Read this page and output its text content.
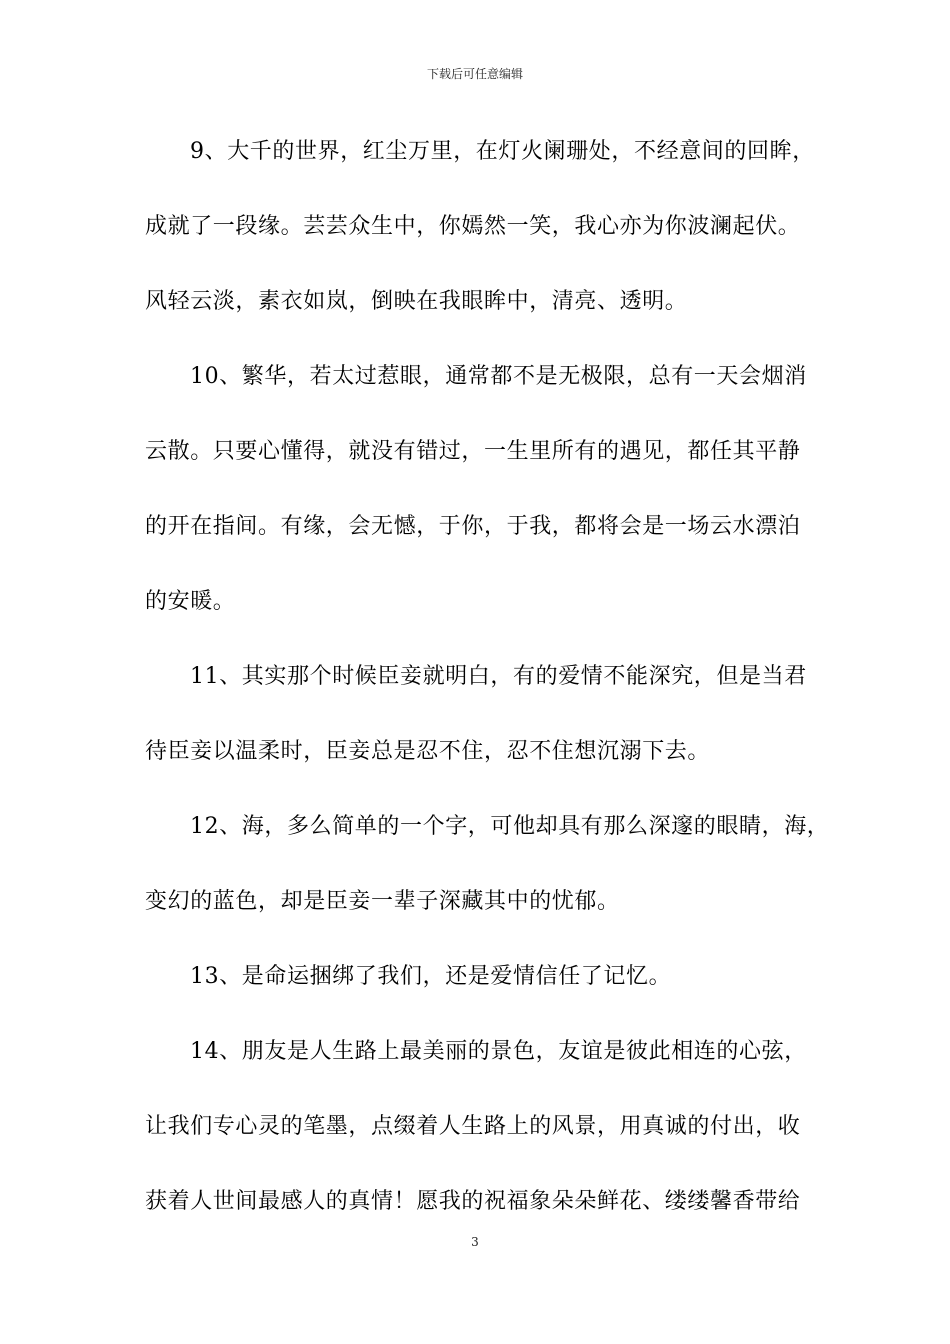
下载后可任意编辑
9、大千的世界，红尘万里，在灯火阑珊处，不经意间的回眸，
成就了一段缘。芸芸众生中，你嫣然一笑，我心亦为你波澜起伏。
风轻云淡，素衣如岚，倒映在我眼眸中，清亮、透明。
10、繁华，若太过惹眼，通常都不是无极限，总有一天会烟消
云散。只要心懂得，就没有错过，一生里所有的遇见，都任其平静
的开在指间。有缘，会无憾，于你，于我，都将会是一场云水漂泊
的安暖。
11、其实那个时候臣妾就明白，有的爱情不能深究，但是当君
待臣妾以温柔时，臣妾总是忍不住，忍不住想沉溺下去。
12、海，多么简单的一个字，可他却具有那么深邃的眼睛，海，
变幻的蓝色，却是臣妾一辈子深藏其中的忧郁。
13、是命运捆绑了我们，还是爱情信任了记忆。
14、朋友是人生路上最美丽的景色，友谊是彼此相连的心弦，
让我们专心灵的笔墨，点缀着人生路上的风景，用真诚的付出，收
获着人世间最感人的真情！愿我的祝福象朵朵鲜花、缕缕馨香带给
3
